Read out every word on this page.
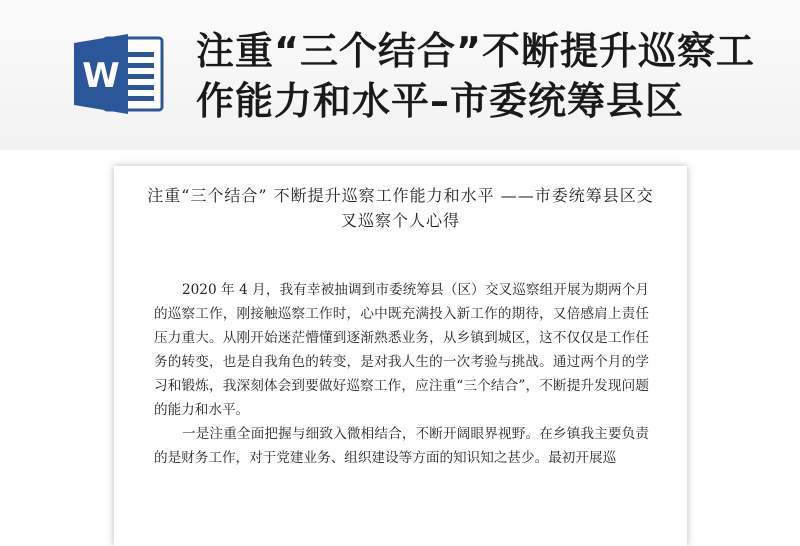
W
注重“三个结合”不断提升巡察工作能力和水平–市委统筹县区
注重“三个结合” 不断提升巡察工作能力和水平 ——市委统筹县区交叉巡察个人心得

2020 年 4 月，我有幸被抽调到市委统筹县（区）交叉巡察组开展为期两个月的巡察工作，刚接触巡察工作时，心中既充满投入新工作的期待，又倍感肩上责任压力重大。从刚开始迷茫懵懂到逐渐熟悉业务，从乡镇到城区，这不仅仅是工作任务的转变，也是自我角色的转变，是对我人生的一次考验与挑战。通过两个月的学习和锻炼，我深刻体会到要做好巡察工作，应注重“三个结合”，不断提升发现问题的能力和水平。

一是注重全面把握与细致入微相结合，不断开阔眼界视野。在乡镇我主要负责的是财务工作，对于党建业务、组织建设等方面的知识知之甚少。最初开展巡
